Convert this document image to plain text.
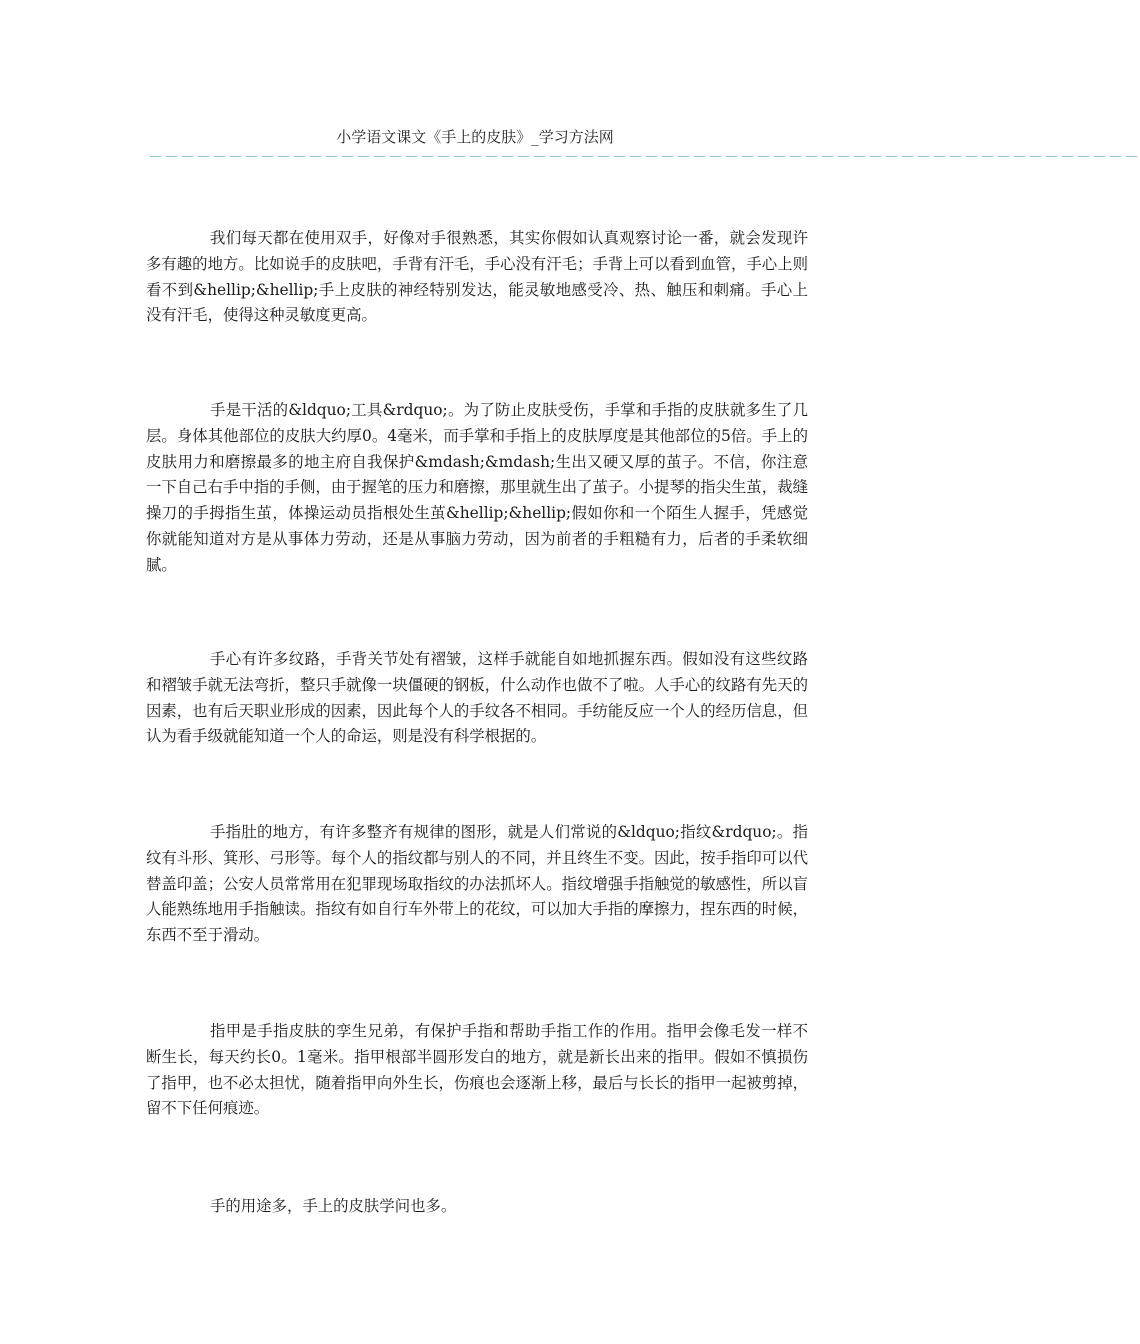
小学语文课文《手上的皮肤》_学习方法网
－－－－－－－－－－－－－－－－－－－－－－－－－－－－－－－－－－－－－－－－－－－－－－－－－－－－－－－－－－－－－－

我们每天都在使用双手，好像对手很熟悉，其实你假如认真观察讨论一番，就会发现许多有趣的地方。比如说手的皮肤吧，手背有汗毛，手心没有汗毛；手背上可以看到血管，手心上则看不到&hellip;&hellip;手上皮肤的神经特别发达，能灵敏地感受冷、热、触压和刺痛。手心上没有汗毛，使得这种灵敏度更高。

手是干活的&ldquo;工具&rdquo;。为了防止皮肤受伤，手掌和手指的皮肤就多生了几层。身体其他部位的皮肤大约厚0。4毫米，而手掌和手指上的皮肤厚度是其他部位的5倍。手上的皮肤用力和磨擦最多的地主府自我保护&mdash;&mdash;生出又硬又厚的茧子。不信，你注意一下自己右手中指的手侧，由于握笔的压力和磨擦，那里就生出了茧子。小提琴的指尖生茧，裁缝操刀的手拇指生茧，体操运动员指根处生茧&hellip;&hellip;假如你和一个陌生人握手，凭感觉你就能知道对方是从事体力劳动，还是从事脑力劳动，因为前者的手粗糙有力，后者的手柔软细腻。

手心有许多纹路，手背关节处有褶皱，这样手就能自如地抓握东西。假如没有这些纹路和褶皱手就无法弯折，整只手就像一块僵硬的钢板，什么动作也做不了啦。人手心的纹路有先天的因素，也有后天职业形成的因素，因此每个人的手纹各不相同。手纺能反应一个人的经历信息，但认为看手级就能知道一个人的命运，则是没有科学根据的。

手指肚的地方，有许多整齐有规律的图形，就是人们常说的&ldquo;指纹&rdquo;。指纹有斗形、箕形、弓形等。每个人的指纹都与别人的不同，并且终生不变。因此，按手指印可以代替盖印盖；公安人员常常用在犯罪现场取指纹的办法抓坏人。指纹增强手指触觉的敏感性，所以盲人能熟练地用手指触读。指纹有如自行车外带上的花纹，可以加大手指的摩擦力，捏东西的时候，东西不至于滑动。

指甲是手指皮肤的孪生兄弟，有保护手指和帮助手指工作的作用。指甲会像毛发一样不断生长，每天约长0。1毫米。指甲根部半圆形发白的地方，就是新长出来的指甲。假如不慎损伤了指甲，也不必太担忧，随着指甲向外生长，伤痕也会逐渐上移，最后与长长的指甲一起被剪掉，留不下任何痕迹。

手的用途多，手上的皮肤学问也多。
